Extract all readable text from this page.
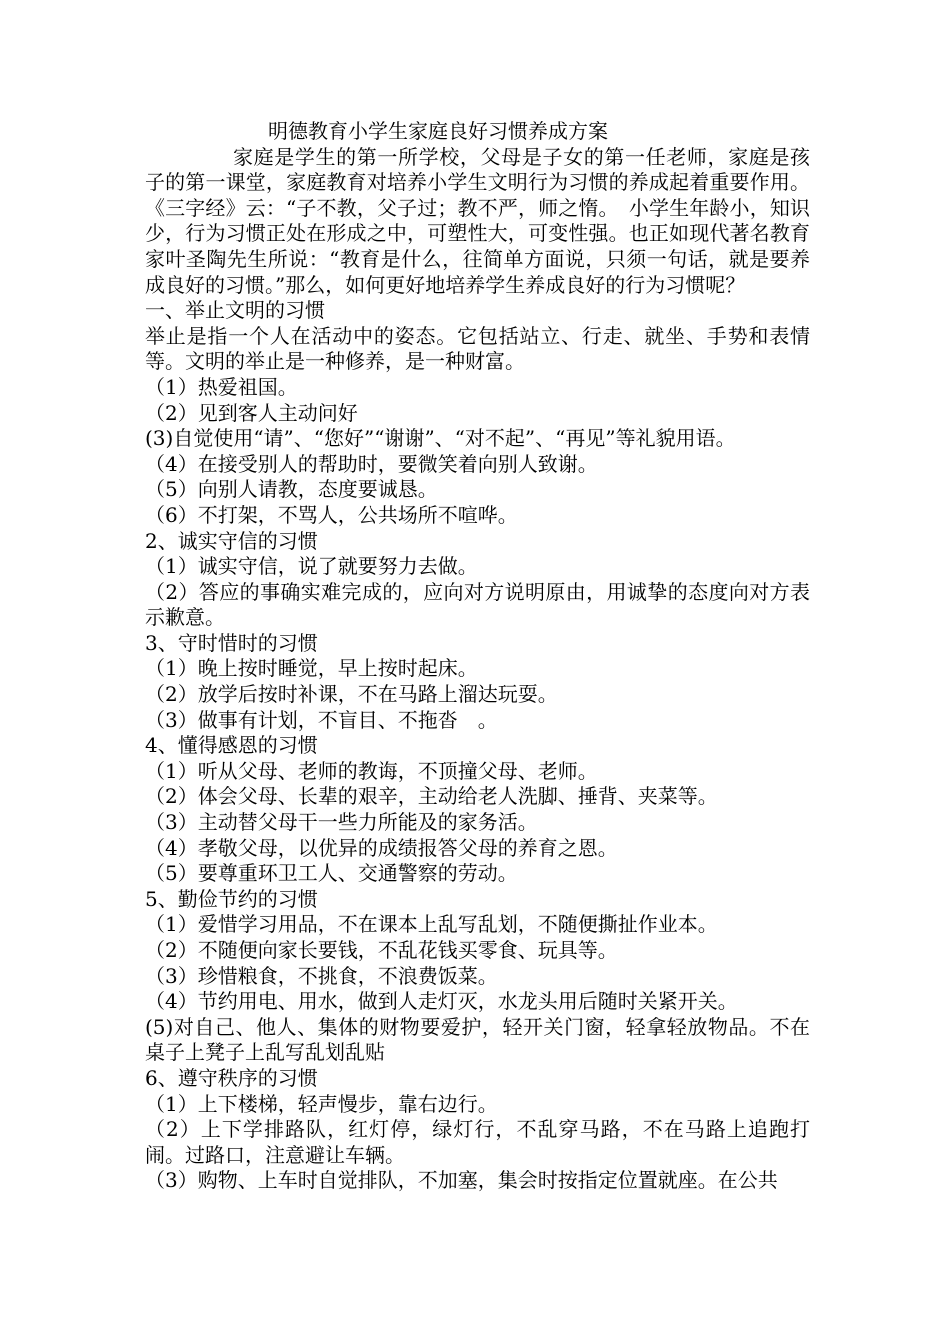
明德教育小学生家庭良好习惯养成方案
家庭是学生的第一所学校，父母是子女的第一任老师，家庭是孩子的第一课堂，家庭教育对培养小学生文明行为习惯的养成起着重要作用。《三字经》云：“子不教，父子过；教不严，师之惰。　小学生年龄小，知识少，行为习惯正处在形成之中，可塑性大，可变性强。也正如现代著名教育家叶圣陶先生所说：“教育是什么，往简单方面说，只须一句话，就是要养成良好的习惯。”那么，如何更好地培养学生养成良好的行为习惯呢？
一、举止文明的习惯
举止是指一个人在活动中的姿态。它包括站立、行走、就坐、手势和表情等。文明的举止是一种修养，是一种财富。
（1）热爱祖国。
（2）见到客人主动问好
(3)自觉使用“请”、“您好”“谢谢”、“对不起”、“再见”等礼貌用语。
（4）在接受别人的帮助时，要微笑着向别人致谢。
（5）向别人请教，态度要诚恳。
（6）不打架，不骂人，公共场所不喧哗。
2、诚实守信的习惯
（1）诚实守信，说了就要努力去做。
（2）答应的事确实难完成的，应向对方说明原由，用诚挚的态度向对方表示歉意。
3、守时惜时的习惯
（1）晚上按时睡觉，早上按时起床。
（2）放学后按时补课，不在马路上溜达玩耍。
（3）做事有计划，不盲目、不拖沓　。
4、懂得感恩的习惯
（1）听从父母、老师的教诲，不顶撞父母、老师。
（2）体会父母、长辈的艰辛，主动给老人洗脚、捶背、夹菜等。
（3）主动替父母干一些力所能及的家务活。
（4）孝敬父母，以优异的成绩报答父母的养育之恩。
（5）要尊重环卫工人、交通警察的劳动。
5、勤俭节约的习惯
（1）爱惜学习用品，不在课本上乱写乱划，不随便撕扯作业本。
（2）不随便向家长要钱，不乱花钱买零食、玩具等。
（3）珍惜粮食，不挑食，不浪费饭菜。
（4）节约用电、用水，做到人走灯灭，水龙头用后随时关紧开关。
(5)对自己、他人、集体的财物要爱护，轻开关门窗，轻拿轻放物品。不在桌子上凳子上乱写乱划乱贴
6、遵守秩序的习惯
（1）上下楼梯，轻声慢步，靠右边行。
（2）上下学排路队，红灯停，绿灯行，不乱穿马路，不在马路上追跑打闹。过路口，注意避让车辆。
（3）购物、上车时自觉排队，不加塞，集会时按指定位置就座。在公共
